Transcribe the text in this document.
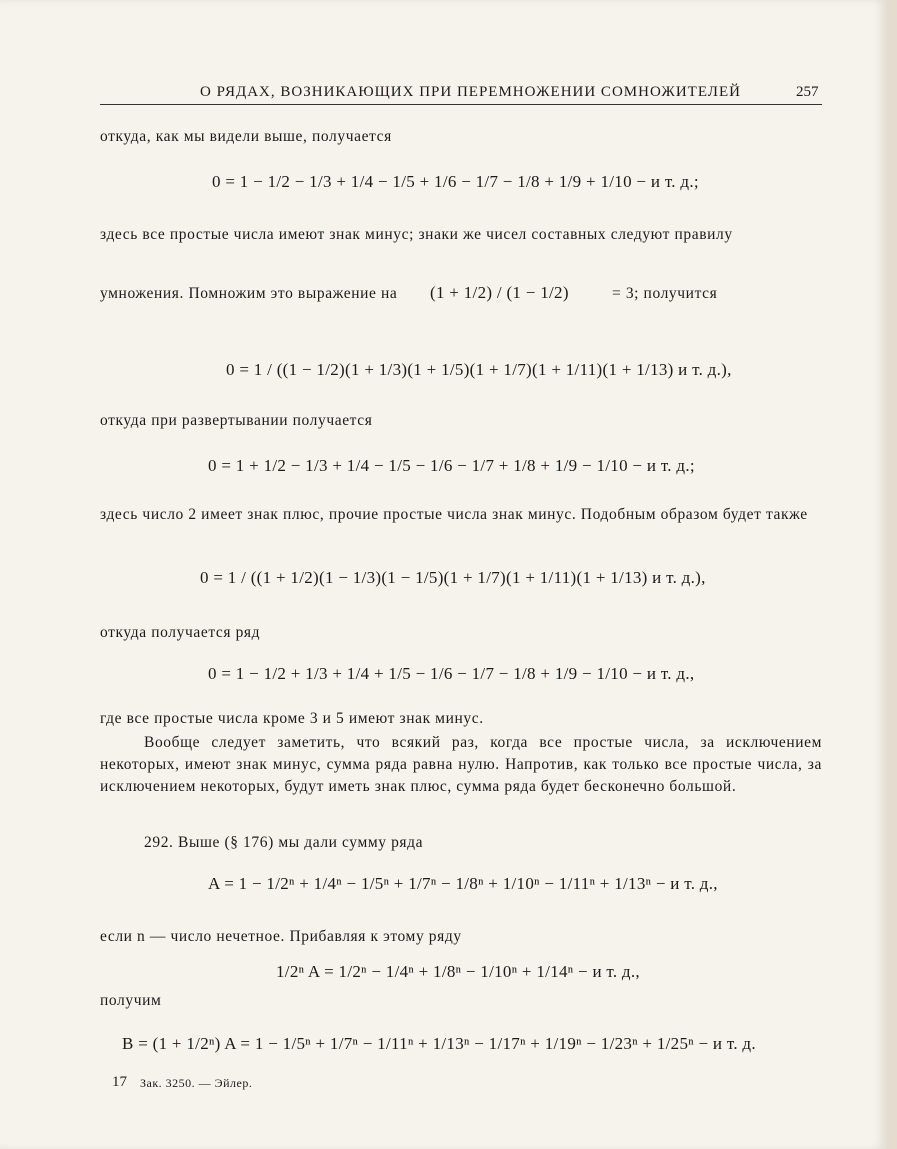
О РЯДАХ, ВОЗНИКАЮЩИХ ПРИ ПЕРЕМНОЖЕНИИ СОМНОЖИТЕЛЕЙ	257
откуда, как мы видели выше, получается
0 = 1 − 1/2 − 1/3 + 1/4 − 1/5 + 1/6 − 1/7 − 1/8 + 1/9 + 1/10 − и т. д.;
здесь все простые числа имеют знак минус; знаки же чисел составных следуют правилу
умножения. Помножим это выражение на (1 + 1/2) / (1 − 1/2)	= 3; получится
0 = 1 / ((1 − 1/2)(1 + 1/3)(1 + 1/5)(1 + 1/7)(1 + 1/11)(1 + 1/13) и т. д.),
откуда при развертывании получается
0 = 1 + 1/2 − 1/3 + 1/4 − 1/5 − 1/6 − 1/7 + 1/8 + 1/9 − 1/10 − и т. д.;
здесь число 2 имеет знак плюс, прочие простые числа знак минус. Подобным образом будет также
0 = 1 / ((1 + 1/2)(1 − 1/3)(1 − 1/5)(1 + 1/7)(1 + 1/11)(1 + 1/13) и т. д.),
откуда получается ряд
0 = 1 − 1/2 + 1/3 + 1/4 + 1/5 − 1/6 − 1/7 − 1/8 + 1/9 − 1/10 − и т. д.,
где все простые числа кроме 3 и 5 имеют знак минус.
Вообще следует заметить, что всякий раз, когда все простые числа, за исключением некоторых, имеют знак минус, сумма ряда равна нулю. Напротив, как только все простые числа, за исключением некоторых, будут иметь знак плюс, сумма ряда будет бесконечно большой.
292. Выше (§ 176) мы дали сумму ряда
A = 1 − 1/2ⁿ + 1/4ⁿ − 1/5ⁿ + 1/7ⁿ − 1/8ⁿ + 1/10ⁿ − 1/11ⁿ + 1/13ⁿ − и т. д.,
если n — число нечетное. Прибавляя к этому ряду
1/2ⁿ A = 1/2ⁿ − 1/4ⁿ + 1/8ⁿ − 1/10ⁿ + 1/14ⁿ − и т. д.,
получим
B = (1 + 1/2ⁿ) A = 1 − 1/5ⁿ + 1/7ⁿ − 1/11ⁿ + 1/13ⁿ − 1/17ⁿ + 1/19ⁿ − 1/23ⁿ + 1/25ⁿ − и т. д.
17 Зак. 3250. — Эйлер.
